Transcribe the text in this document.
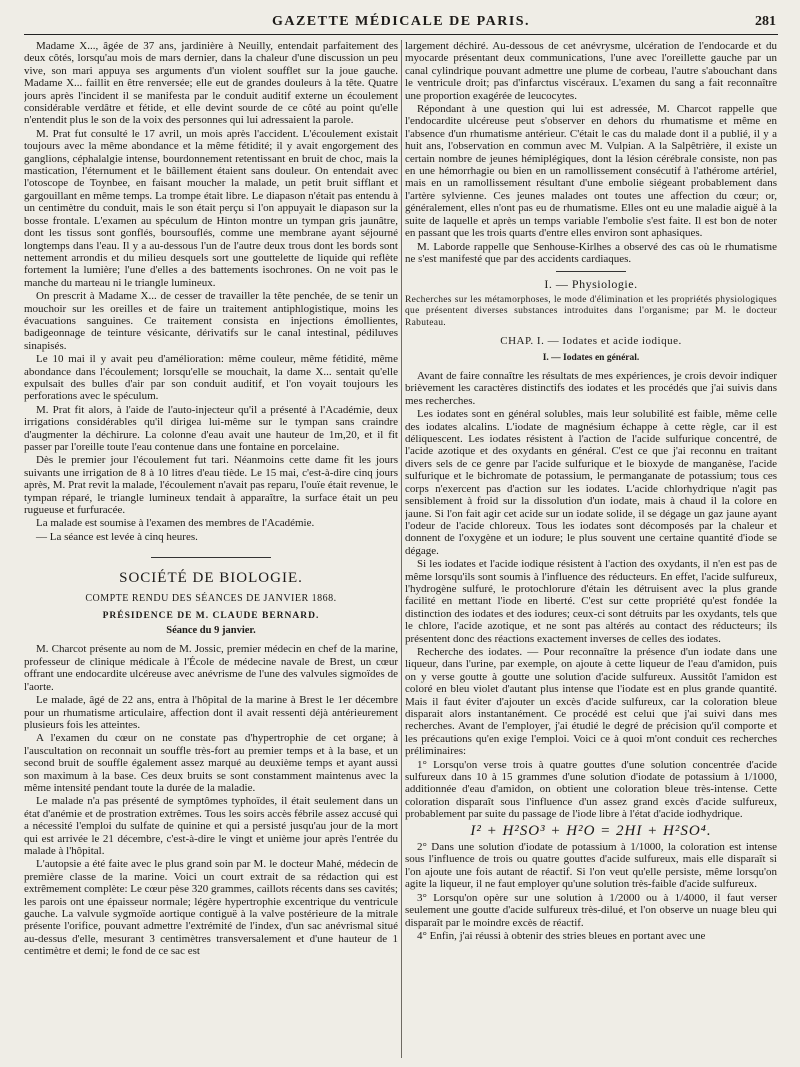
GAZETTE MÉDICALE DE PARIS.	281

Madame X..., âgée de 37 ans, jardinière à Neuilly, entendait parfaitement des deux côtés, lorsqu'au mois de mars dernier, dans la chaleur d'une discussion un peu vive, son mari appuya ses arguments d'un violent soufflet sur la joue gauche. Madame X... faillit en être renversée; elle eut de grandes douleurs à la tête. Quatre jours après l'incident il se manifesta par le conduit auditif externe un écoulement considérable verdâtre et fétide, et elle devint sourde de ce côté au point qu'elle n'entendit plus le son de la voix des personnes qui lui adressaient la parole.

M. Prat fut consulté le 17 avril, un mois après l'accident. L'écoulement existait toujours avec la même abondance et la même fétidité; il y avait engorgement des ganglions, céphalalgie intense, bourdonnement retentissant en bruit de choc, mais la mastication, l'éternument et le bâillement étaient sans douleur. On entendait avec l'otoscope de Toynbee, en faisant moucher la malade, un petit bruit sifflant et gargouillant en même temps. La trompe était libre. Le diapason n'était pas entendu à un centimètre du conduit, mais le son était perçu si l'on appuyait le diapason sur la bosse frontale. L'examen au spéculum de Hinton montre un tympan gris jaunâtre, dont les tissus sont gonflés, boursouflés, comme une membrane ayant séjourné longtemps dans l'eau. Il y a au-dessous l'un de l'autre deux trous dont les bords sont nettement arrondis et du milieu desquels sort une gouttelette de liquide qui reflète fortement la lumière; l'une d'elles a des battements isochrones. On ne voit pas le manche du marteau ni le triangle lumineux.

On prescrit à Madame X... de cesser de travailler la tête penchée, de se tenir un mouchoir sur les oreilles et de faire un traitement antiphlogistique, moins les évacuations sanguines. Ce traitement consista en injections émollientes, badigeonnage de teinture vésicante, dérivatifs sur le canal intestinal, pédiluves sinapisés.

Le 10 mai il y avait peu d'amélioration: même couleur, même fétidité, même abondance dans l'écoulement; lorsqu'elle se mouchait, la dame X... sentait qu'elle expulsait des bulles d'air par son conduit auditif, et l'on voyait toujours les perforations avec le spéculum.

M. Prat fit alors, à l'aide de l'auto-injecteur qu'il a présenté à l'Académie, deux irrigations considérables qu'il dirigea lui-même sur le tympan sans craindre d'augmenter la déchirure. La colonne d'eau avait une hauteur de 1m,20, et il fit passer par l'oreille toute l'eau contenue dans une fontaine en porcelaine.

Dès le premier jour l'écoulement fut tari. Néanmoins cette dame fit les jours suivants une irrigation de 8 à 10 litres d'eau tiède. Le 15 mai, c'est-à-dire cinq jours après, M. Prat revit la malade, l'écoulement n'avait pas reparu, l'ouïe était revenue, le tympan réparé, le triangle lumineux tendait à apparaître, la surface était un peu rugueuse et furfuracée.

La malade est soumise à l'examen des membres de l'Académie.

— La séance est levée à cinq heures.

SOCIÉTÉ DE BIOLOGIE.

COMPTE RENDU DES SÉANCES DE JANVIER 1868.

PRÉSIDENCE DE M. CLAUDE BERNARD.

Séance du 9 janvier.

M. Charcot présente au nom de M. Jossic, premier médecin en chef de la marine, professeur de clinique médicale à l'École de médecine navale de Brest, un cœur offrant une endocardite ulcéreuse avec anévrisme de l'une des valvules sigmoïdes de l'aorte.

Le malade, âgé de 22 ans, entra à l'hôpital de la marine à Brest le 1er décembre pour un rhumatisme articulaire, affection dont il avait ressenti déjà antérieurement plusieurs fois les atteintes.

A l'examen du cœur on ne constate pas d'hypertrophie de cet organe; à l'auscultation on reconnait un souffle très-fort au premier temps et à la base, et un second bruit de souffle également assez marqué au deuxième temps et ayant aussi son maximum à la base. Ces deux bruits se sont constamment maintenus avec la même intensité pendant toute la durée de la maladie.

Le malade n'a pas présenté de symptômes typhoïdes, il était seulement dans un état d'anémie et de prostration extrêmes. Tous les soirs accès fébrile assez accusé qui a nécessité l'emploi du sulfate de quinine et qui a persisté jusqu'au jour de la mort qui est arrivée le 21 décembre, c'est-à-dire le vingt et unième jour après l'entrée du malade à l'hôpital.

L'autopsie a été faite avec le plus grand soin par M. le docteur Mahé, médecin de première classe de la marine. Voici un court extrait de sa rédaction qui est extrêmement complète: Le cœur pèse 320 grammes, caillots récents dans ses cavités; les parois ont une épaisseur normale; légère hypertrophie excentrique du ventricule gauche. La valvule sygmoïde aortique contiguë à la valve postérieure de la mitrale présente l'orifice, pouvant admettre l'extrémité de l'index, d'un sac anévrismal situé au-dessus d'elle, mesurant 3 centimètres transversalement et d'une hauteur de 1 centimètre et demi; le fond de ce sac est

largement déchiré. Au-dessous de cet anévrysme, ulcération de l'endocarde et du myocarde présentant deux communications, l'une avec l'oreillette gauche par un canal cylindrique pouvant admettre une plume de corbeau, l'autre s'abouchant dans le ventricule droit; pas d'infarctus viscéraux. L'examen du sang a fait reconnaître une proportion exagérée de leucocytes.

Répondant à une question qui lui est adressée, M. Charcot rappelle que l'endocardite ulcéreuse peut s'observer en dehors du rhumatisme et même en l'absence d'un rhumatisme antérieur. C'était le cas du malade dont il a publié, il y a huit ans, l'observation en commun avec M. Vulpian. A la Salpêtrière, il existe un certain nombre de jeunes hémiplégiques, dont la lésion cérébrale consiste, non pas en une hémorrhagie ou bien en un ramollissement consécutif à l'athérome artériel, mais en un ramollissement résultant d'une embolie siégeant probablement dans l'artère sylvienne. Ces jeunes malades ont toutes une affection du cœur; or, généralement, elles n'ont pas eu de rhumatisme. Elles ont eu une maladie aiguë à la suite de laquelle et après un temps variable l'embolie s'est faite. Il est bon de noter en passant que les trois quarts d'entre elles environ sont aphasiques.

M. Laborde rappelle que Senhouse-Kirlhes a observé des cas où le rhumatisme ne s'est manifesté que par des accidents cardiaques.

I. — Physiologie.

Recherches sur les métamorphoses, le mode d'élimination et les propriétés physiologiques que présentent diverses substances introduites dans l'organisme; par M. le docteur Rabuteau.

CHAP. I. — Iodates et acide iodique.

I. — Iodates en général.

Avant de faire connaître les résultats de mes expériences, je crois devoir indiquer brièvement les caractères distinctifs des iodates et les procédés que j'ai suivis dans mes recherches.

Les iodates sont en général solubles, mais leur solubilité est faible, même celle des iodates alcalins. L'iodate de magnésium échappe à cette règle, car il est déliquescent. Les iodates résistent à l'action de l'acide sulfurique concentré, de l'acide azotique et des oxydants en général. C'est ce que j'ai reconnu en traitant divers sels de ce genre par l'acide sulfurique et le bioxyde de manganèse, l'acide sulfurique et le bichromate de potassium, le permanganate de potassium; tous ces corps n'exercent pas d'action sur les iodates. L'acide chlorhydrique n'agit pas sensiblement à froid sur la dissolution d'un iodate, mais à chaud il la colore en jaune. Si l'on fait agir cet acide sur un iodate solide, il se dégage un gaz jaune ayant l'odeur de l'acide chloreux. Tous les iodates sont décomposés par la chaleur et donnent de l'oxygène et un iodure; le plus souvent une certaine quantité d'iode se dégage.

Si les iodates et l'acide iodique résistent à l'action des oxydants, il n'en est pas de même lorsqu'ils sont soumis à l'influence des réducteurs. En effet, l'acide sulfureux, l'hydrogène sulfuré, le protochlorure d'étain les détruisent avec la plus grande facilité en mettant l'iode en liberté. C'est sur cette propriété qu'est fondée la distinction des iodates et des iodures; ceux-ci sont détruits par les oxydants, tels que le chlore, l'acide azotique, et ne sont pas altérés au contact des réducteurs; ils présentent donc des réactions exactement inverses de celles des iodates.

Recherche des iodates. — Pour reconnaître la présence d'un iodate dans une liqueur, dans l'urine, par exemple, on ajoute à cette liqueur de l'eau d'amidon, puis on y verse goutte à goutte une solution d'acide sulfureux. Aussitôt l'amidon est coloré en bleu violet d'autant plus intense que l'iodate est en plus grande quantité. Mais il faut éviter d'ajouter un excès d'acide sulfureux, car la coloration bleue disparait alors instantanément. Ce procédé est celui que j'ai suivi dans mes recherches. Avant de l'employer, j'ai étudié le degré de précision qu'il comporte et les précautions qu'en exige l'emploi. Voici ce à quoi m'ont conduit ces recherches préliminaires:

1° Lorsqu'on verse trois à quatre gouttes d'une solution concentrée d'acide sulfureux dans 10 à 15 grammes d'une solution d'iodate de potassium à 1/1000, additionnée d'eau d'amidon, on obtient une coloration bleue très-intense. Cette coloration disparaît sous l'influence d'un assez grand excès d'acide sulfureux, probablement par suite du passage de l'iode libre à l'état d'acide iodhydrique.

I² + H²SO³ + H²O = 2HI + H²SO⁴.

2° Dans une solution d'iodate de potassium à 1/1000, la coloration est intense sous l'influence de trois ou quatre gouttes d'acide sulfureux, mais elle disparaît si l'on ajoute une fois autant de réactif. Si l'on veut qu'elle persiste, même lorsqu'on agite la liqueur, il ne faut employer qu'une solution très-faible d'acide sulfureux.

3° Lorsqu'on opère sur une solution à 1/2000 ou à 1/4000, il faut verser seulement une goutte d'acide sulfureux très-dilué, et l'on observe un nuage bleu qui disparaît par le moindre excès de réactif.

4° Enfin, j'ai réussi à obtenir des stries bleues en portant avec une
